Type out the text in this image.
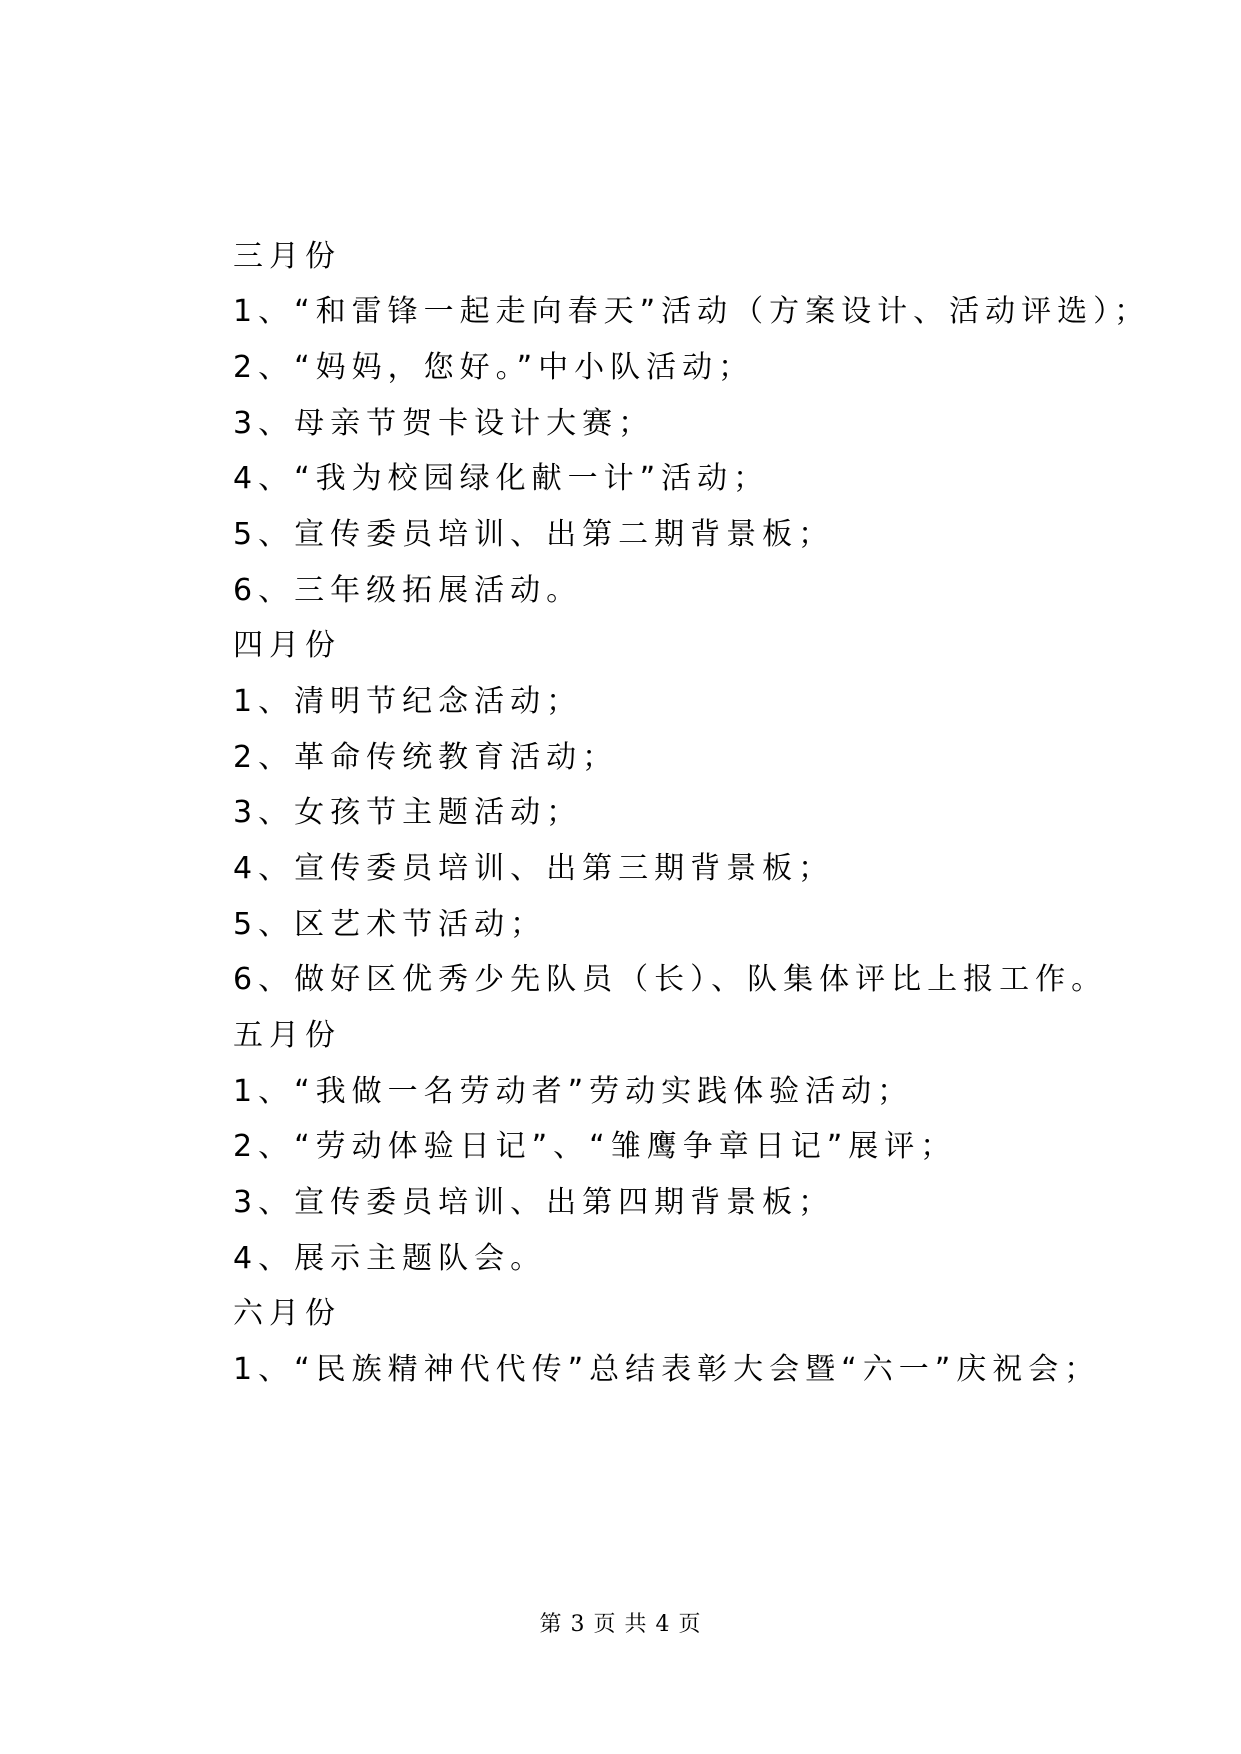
三月份
1、“和雷锋一起走向春天”活动（方案设计、活动评选）；
2、“妈妈，您好。”中小队活动；
3、母亲节贺卡设计大赛；
4、“我为校园绿化献一计”活动；
5、宣传委员培训、出第二期背景板；
6、三年级拓展活动。
四月份
1、清明节纪念活动；
2、革命传统教育活动；
3、女孩节主题活动；
4、宣传委员培训、出第三期背景板；
5、区艺术节活动；
6、做好区优秀少先队员（长）、队集体评比上报工作。
五月份
1、“我做一名劳动者”劳动实践体验活动；
2、“劳动体验日记”、“雏鹰争章日记”展评；
3、宣传委员培训、出第四期背景板；
4、展示主题队会。
六月份
1、“民族精神代代传”总结表彰大会暨“六一”庆祝会；
第 3 页 共 4 页
